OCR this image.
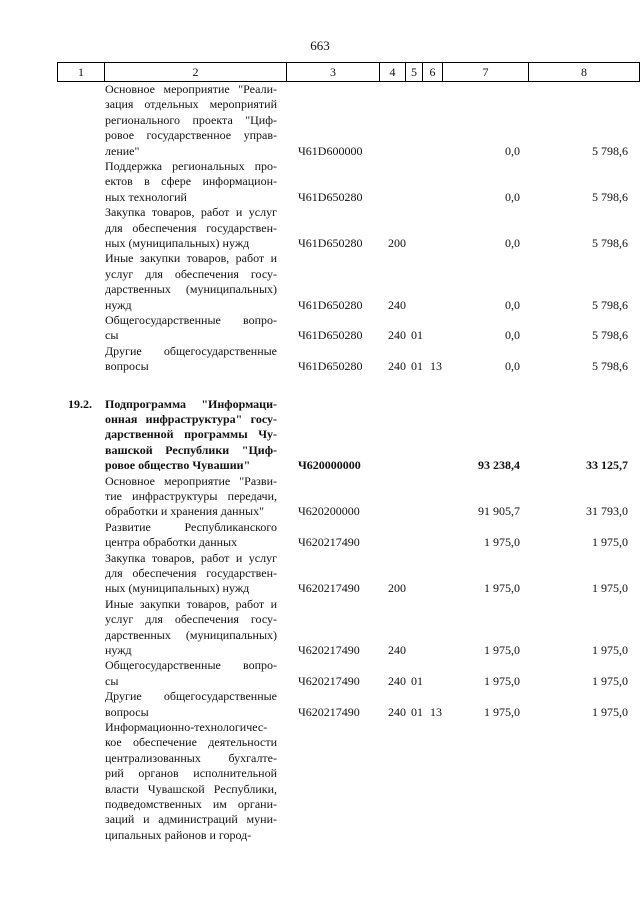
663
1	2	3	4	5	6	7	8
Основное мероприятие "Реали-
зация отдельных мероприятий
регионального проекта "Циф-
ровое государственное управ-
ление"	Ч61D600000	0,0	5 798,6
Поддержка региональных про-
ектов в сфере информацион-
ных технологий	Ч61D650280	0,0	5 798,6
Закупка товаров, работ и услуг
для обеспечения государствен-
ных (муниципальных) нужд	Ч61D650280 200	0,0	5 798,6
Иные закупки товаров, работ и
услуг для обеспечения госу-
дарственных (муниципальных)
нужд	Ч61D650280 240	0,0	5 798,6
Общегосударственные вопро-
сы	Ч61D650280 240 01	0,0	5 798,6
Другие общегосударственные
вопросы	Ч61D650280 240 01 13	0,0	5 798,6
19.2.	Подпрограмма "Информаци-
онная инфраструктура" госу-
дарственной программы Чу-
вашской Республики "Циф-
ровое общество Чувашии"	Ч620000000	93 238,4	33 125,7
Основное мероприятие "Разви-
тие инфраструктуры передачи,
обработки и хранения данных"	Ч620200000	91 905,7	31 793,0
Развитие Республиканского
центра обработки данных	Ч620217490	1 975,0	1 975,0
Закупка товаров, работ и услуг
для обеспечения государствен-
ных (муниципальных) нужд	Ч620217490 200	1 975,0	1 975,0
Иные закупки товаров, работ и
услуг для обеспечения госу-
дарственных (муниципальных)
нужд	Ч620217490 240	1 975,0	1 975,0
Общегосударственные вопро-
сы	Ч620217490 240 01	1 975,0	1 975,0
Другие общегосударственные
вопросы	Ч620217490 240 01 13	1 975,0	1 975,0
Информационно-технологичес-
кое обеспечение деятельности
централизованных бухгалте-
рий органов исполнительной
власти Чувашской Республики,
подведомственных им органи-
заций и администраций муни-
ципальных районов и город-
